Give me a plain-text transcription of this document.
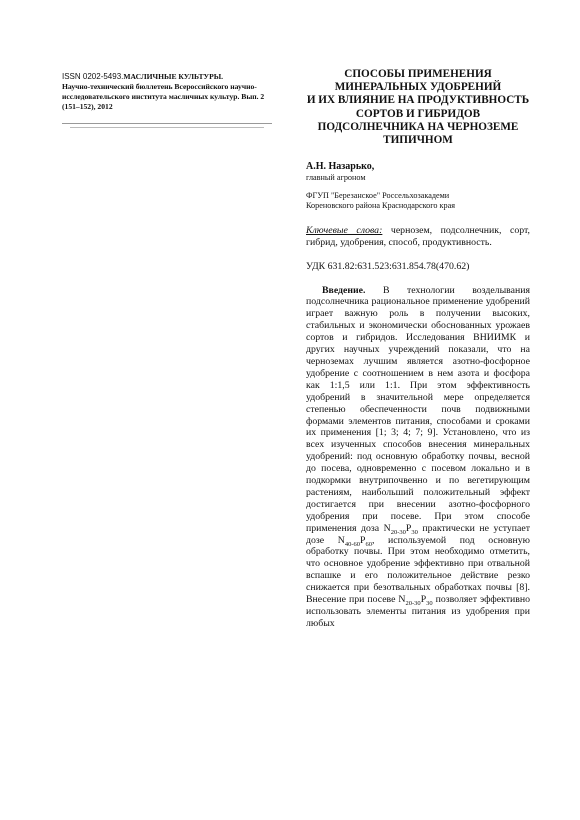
ISSN 0202-5493.МАСЛИЧНЫЕ КУЛЬТУРЫ.
Научно-технический бюллетень Всероссийского научно-исследовательского института масличных культур. Вып. 2 (151–152), 2012

СПОСОБЫ ПРИМЕНЕНИЯ
МИНЕРАЛЬНЫХ УДОБРЕНИЙ
И ИХ ВЛИЯНИЕ НА ПРОДУКТИВНОСТЬ
СОРТОВ И ГИБРИДОВ
ПОДСОЛНЕЧНИКА НА ЧЕРНОЗЕМЕ
ТИПИЧНОМ
А.Н. Назарько,
главный агроном
ФГУП "Березанское" Россельхозакадеми
Кореновского района Краснодарского края
Ключевые слова: чернозем, подсолнечник, сорт, гибрид, удобрения, способ, продуктивность.
УДК 631.82:631.523:631.854.78(470.62)

Введение. В технологии возделывания подсолнечника рациональное применение удобрений играет важную роль в получении высоких, стабильных и экономически обоснованных урожаев сортов и гибридов. Исследования ВНИИМК и других научных учреждений показали, что на черноземах лучшим является азотно-фосфорное удобрение с соотношением в нем азота и фосфора как 1:1,5 или 1:1. При этом эффективность удобрений в значительной мере определяется степенью обеспеченности почв подвижными формами элементов питания, способами и сроками их применения [1; 3; 4; 7; 9]. Установлено, что из всех изученных способов внесения минеральных удобрений: под основную обработку почвы, весной до посева, одновременно с посевом локально и в подкормки внутрипочвенно и по вегетирующим растениям, наибольший положительный эффект достигается при внесении азотно-фосфорного удобрения при посеве. При этом способе применения доза $N_{20-30}P_{30}$ практически не уступает дозе $N_{40-60}P_{60}$, используемой под основную обработку почвы. При этом необходимо отметить, что основное удобрение эффективно при отвальной вспашке и его положительное действие резко снижается при безотвальных обработках почвы [8]. Внесение при посеве $N_{20-30}P_{30}$ позволяет эффективно использовать элементы питания из удобрения при любых
